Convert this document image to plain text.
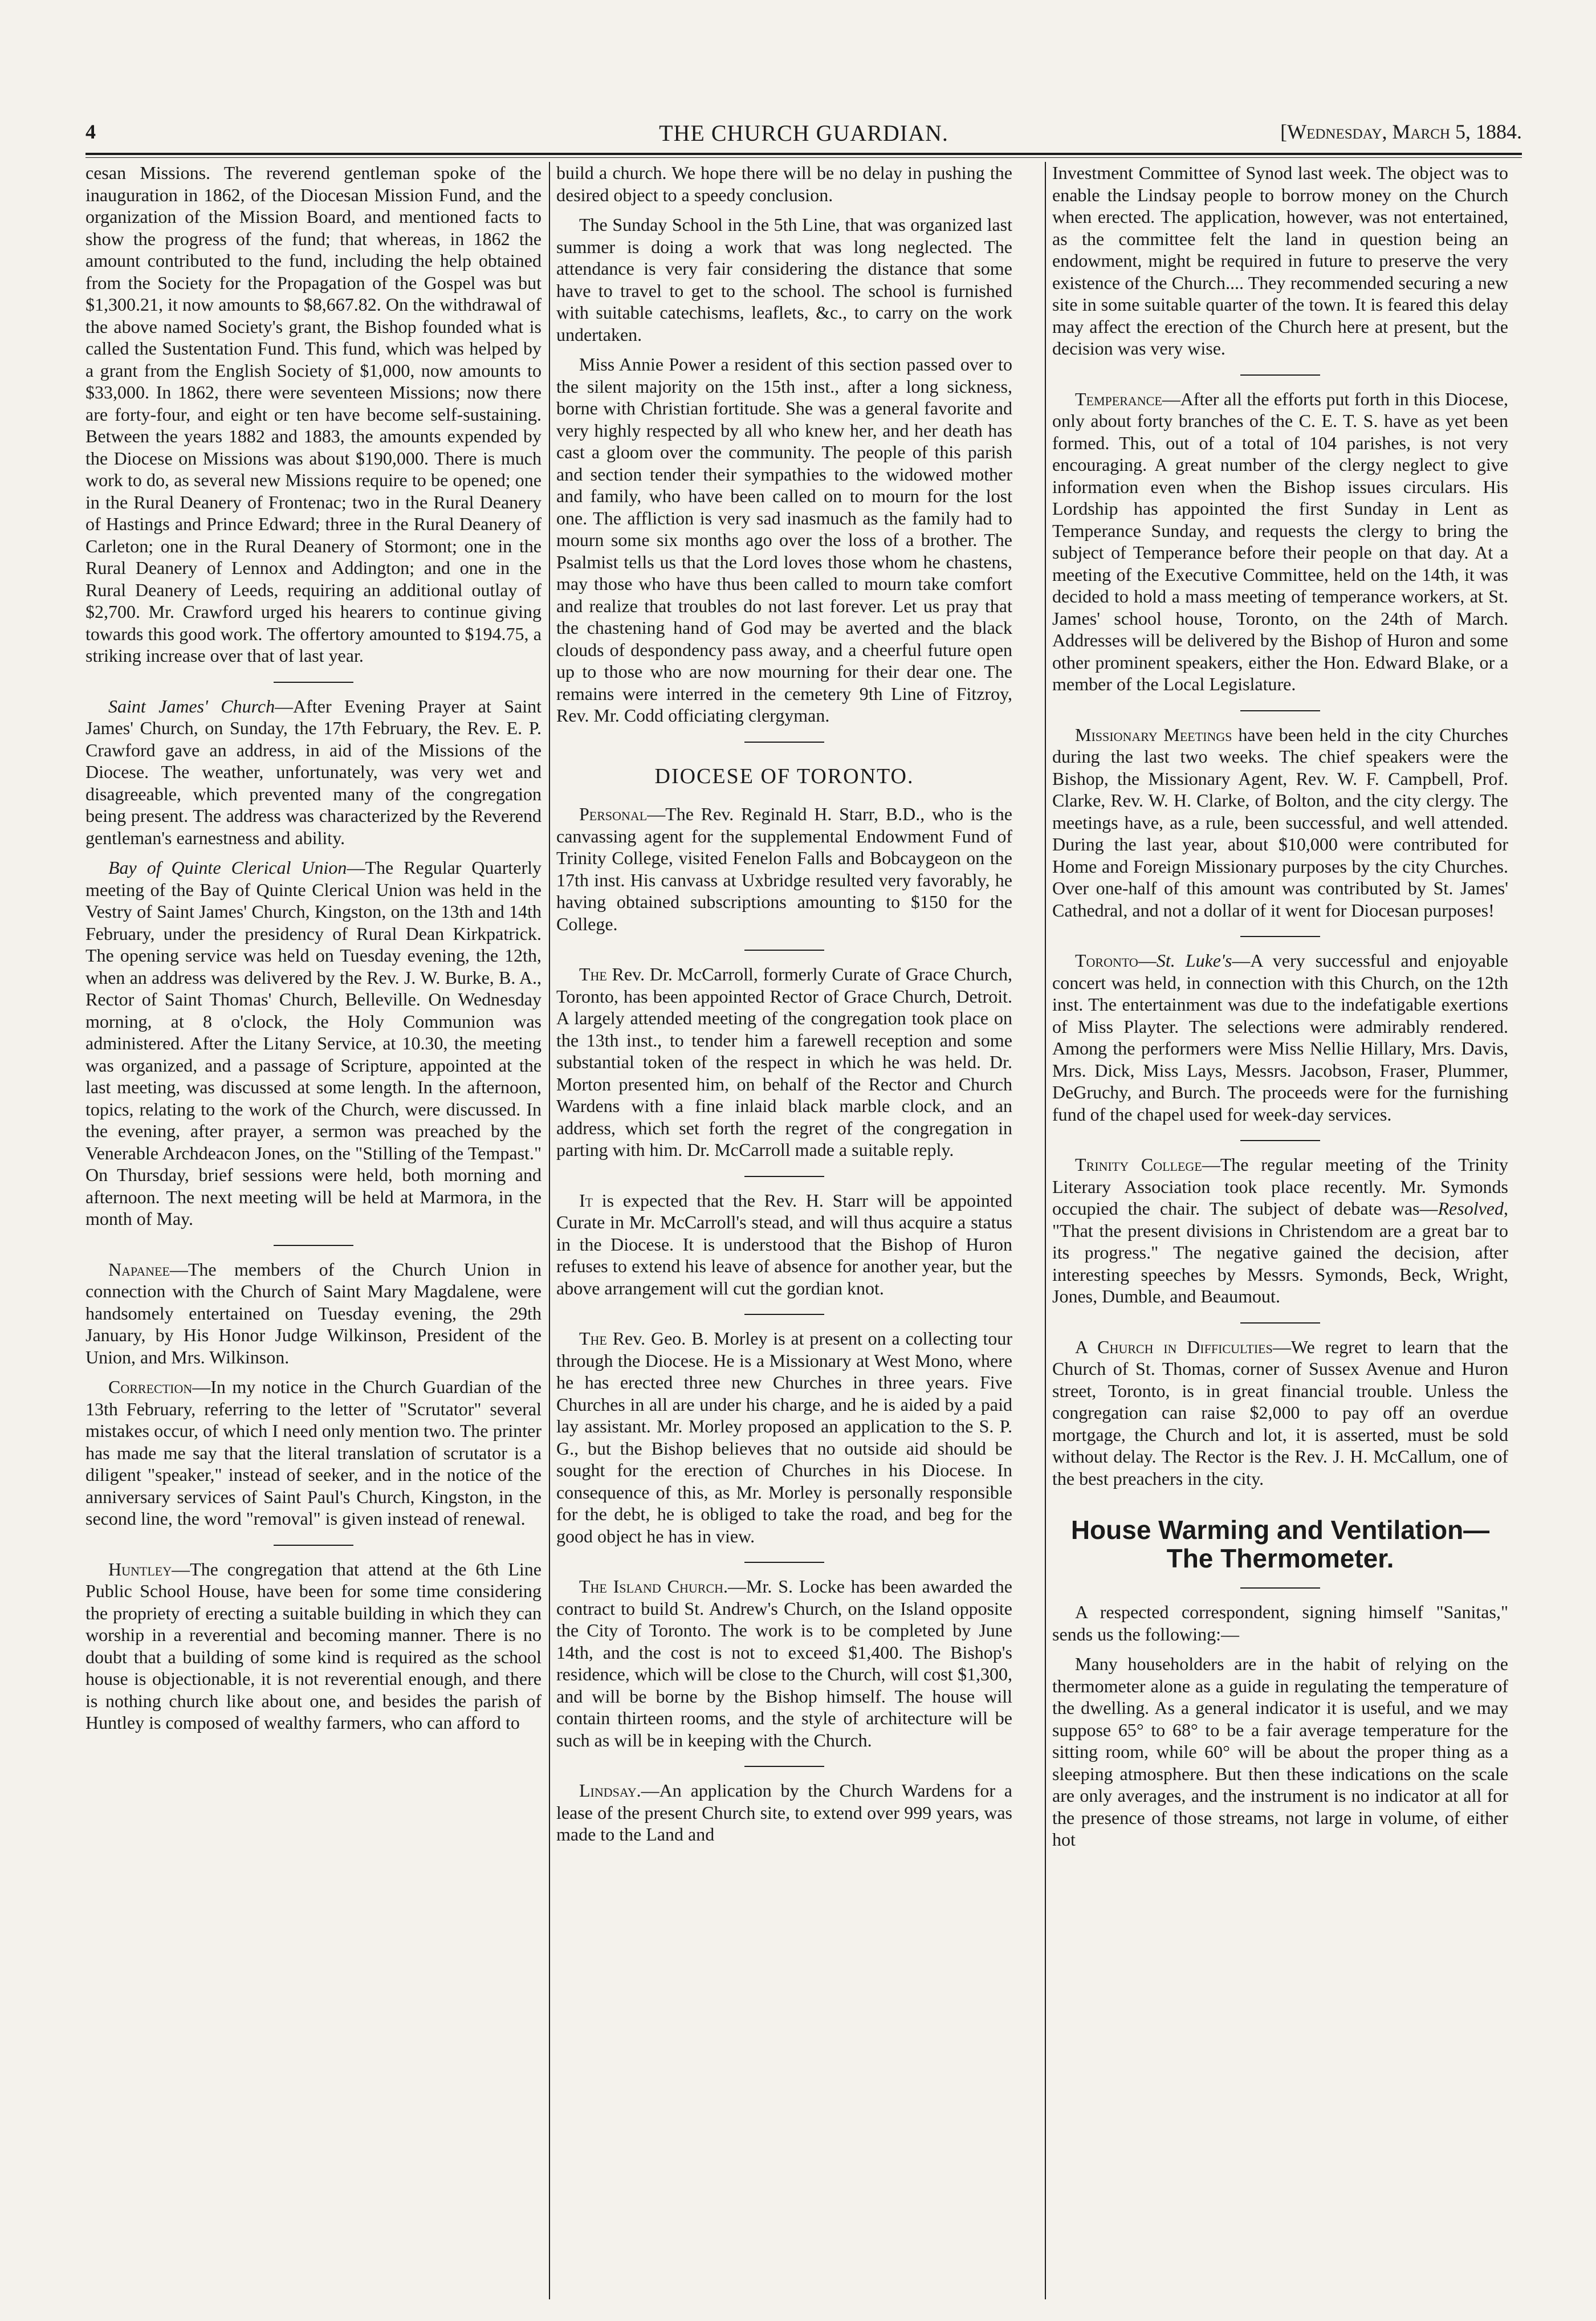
4	THE CHURCH GUARDIAN.	[Wednesday, March 5, 1884.

cesan Missions. The reverend gentleman spoke of the inauguration in 1862, of the Diocesan Mission Fund, and the organization of the Mission Board, and mentioned facts to show the progress of the fund; that whereas, in 1862 the amount contributed to the fund, including the help obtained from the Society for the Propagation of the Gospel was but $1,300.21, it now amounts to $8,667.82. On the withdrawal of the above named Society's grant, the Bishop founded what is called the Sustentation Fund. This fund, which was helped by a grant from the English Society of $1,000, now amounts to $33,000. In 1862, there were seventeen Missions; now there are forty-four, and eight or ten have become self-sustaining. Between the years 1882 and 1883, the amounts expended by the Diocese on Missions was about $190,000. There is much work to do, as several new Missions require to be opened; one in the Rural Deanery of Frontenac; two in the Rural Deanery of Hastings and Prince Edward; three in the Rural Deanery of Carleton; one in the Rural Deanery of Stormont; one in the Rural Deanery of Lennox and Addington; and one in the Rural Deanery of Leeds, requiring an additional outlay of $2,700. Mr. Crawford urged his hearers to continue giving towards this good work. The offertory amounted to $194.75, a striking increase over that of last year.

Saint James' Church—After Evening Prayer at Saint James' Church, on Sunday, the 17th February, the Rev. E. P. Crawford gave an address, in aid of the Missions of the Diocese. The weather, unfortunately, was very wet and disagreeable, which prevented many of the congregation being present. The address was characterized by the Reverend gentleman's earnestness and ability.

Bay of Quinte Clerical Union—The Regular Quarterly meeting of the Bay of Quinte Clerical Union was held in the Vestry of Saint James' Church, Kingston, on the 13th and 14th February, under the presidency of Rural Dean Kirkpatrick. The opening service was held on Tuesday evening, the 12th, when an address was delivered by the Rev. J. W. Burke, B. A., Rector of Saint Thomas' Church, Belleville. On Wednesday morning, at 8 o'clock, the Holy Communion was administered. After the Litany Service, at 10.30, the meeting was organized, and a passage of Scripture, appointed at the last meeting, was discussed at some length. In the afternoon, topics, relating to the work of the Church, were discussed. In the evening, after prayer, a sermon was preached by the Venerable Archdeacon Jones, on the "Stilling of the Tempast." On Thursday, brief sessions were held, both morning and afternoon. The next meeting will be held at Marmora, in the month of May.

Napanee—The members of the Church Union in connection with the Church of Saint Mary Magdalene, were handsomely entertained on Tuesday evening, the 29th January, by His Honor Judge Wilkinson, President of the Union, and Mrs. Wilkinson.

Correction—In my notice in the Church Guardian of the 13th February, referring to the letter of "Scrutator" several mistakes occur, of which I need only mention two. The printer has made me say that the literal translation of scrutator is a diligent "speaker," instead of seeker, and in the notice of the anniversary services of Saint Paul's Church, Kingston, in the second line, the word "removal" is given instead of renewal.

Huntley—The congregation that attend at the 6th Line Public School House, have been for some time considering the propriety of erecting a suitable building in which they can worship in a reverential and becoming manner. There is no doubt that a building of some kind is required as the school house is objectionable, it is not reverential enough, and there is nothing church like about one, and besides the parish of Huntley is composed of wealthy farmers, who can afford to

build a church. We hope there will be no delay in pushing the desired object to a speedy conclusion.

The Sunday School in the 5th Line, that was organized last summer is doing a work that was long neglected. The attendance is very fair considering the distance that some have to travel to get to the school. The school is furnished with suitable catechisms, leaflets, &c., to carry on the work undertaken.

Miss Annie Power a resident of this section passed over to the silent majority on the 15th inst., after a long sickness, borne with Christian fortitude. She was a general favorite and very highly respected by all who knew her, and her death has cast a gloom over the community. The people of this parish and section tender their sympathies to the widowed mother and family, who have been called on to mourn for the lost one. The affliction is very sad inasmuch as the family had to mourn some six months ago over the loss of a brother. The Psalmist tells us that the Lord loves those whom he chastens, may those who have thus been called to mourn take comfort and realize that troubles do not last forever. Let us pray that the chastening hand of God may be averted and the black clouds of despondency pass away, and a cheerful future open up to those who are now mourning for their dear one. The remains were interred in the cemetery 9th Line of Fitzroy, Rev. Mr. Codd officiating clergyman.

DIOCESE OF TORONTO.

Personal—The Rev. Reginald H. Starr, B.D., who is the canvassing agent for the supplemental Endowment Fund of Trinity College, visited Fenelon Falls and Bobcaygeon on the 17th inst. His canvass at Uxbridge resulted very favorably, he having obtained subscriptions amounting to $150 for the College.

The Rev. Dr. McCarroll, formerly Curate of Grace Church, Toronto, has been appointed Rector of Grace Church, Detroit. A largely attended meeting of the congregation took place on the 13th inst., to tender him a farewell reception and some substantial token of the respect in which he was held. Dr. Morton presented him, on behalf of the Rector and Church Wardens with a fine inlaid black marble clock, and an address, which set forth the regret of the congregation in parting with him. Dr. McCarroll made a suitable reply.

It is expected that the Rev. H. Starr will be appointed Curate in Mr. McCarroll's stead, and will thus acquire a status in the Diocese. It is understood that the Bishop of Huron refuses to extend his leave of absence for another year, but the above arrangement will cut the gordian knot.

The Rev. Geo. B. Morley is at present on a collecting tour through the Diocese. He is a Missionary at West Mono, where he has erected three new Churches in three years. Five Churches in all are under his charge, and he is aided by a paid lay assistant. Mr. Morley proposed an application to the S. P. G., but the Bishop believes that no outside aid should be sought for the erection of Churches in his Diocese. In consequence of this, as Mr. Morley is personally responsible for the debt, he is obliged to take the road, and beg for the good object he has in view.

The Island Church.—Mr. S. Locke has been awarded the contract to build St. Andrew's Church, on the Island opposite the City of Toronto. The work is to be completed by June 14th, and the cost is not to exceed $1,400. The Bishop's residence, which will be close to the Church, will cost $1,300, and will be borne by the Bishop himself. The house will contain thirteen rooms, and the style of architecture will be such as will be in keeping with the Church.

Lindsay.—An application by the Church Wardens for a lease of the present Church site, to extend over 999 years, was made to the Land and

Investment Committee of Synod last week. The object was to enable the Lindsay people to borrow money on the Church when erected. The application, however, was not entertained, as the committee felt the land in question being an endowment, might be required in future to preserve the very existence of the Church.... They recommended securing a new site in some suitable quarter of the town. It is feared this delay may affect the erection of the Church here at present, but the decision was very wise.

Temperance—After all the efforts put forth in this Diocese, only about forty branches of the C. E. T. S. have as yet been formed. This, out of a total of 104 parishes, is not very encouraging. A great number of the clergy neglect to give information even when the Bishop issues circulars. His Lordship has appointed the first Sunday in Lent as Temperance Sunday, and requests the clergy to bring the subject of Temperance before their people on that day. At a meeting of the Executive Committee, held on the 14th, it was decided to hold a mass meeting of temperance workers, at St. James' school house, Toronto, on the 24th of March. Addresses will be delivered by the Bishop of Huron and some other prominent speakers, either the Hon. Edward Blake, or a member of the Local Legislature.

Missionary Meetings have been held in the city Churches during the last two weeks. The chief speakers were the Bishop, the Missionary Agent, Rev. W. F. Campbell, Prof. Clarke, Rev. W. H. Clarke, of Bolton, and the city clergy. The meetings have, as a rule, been successful, and well attended. During the last year, about $10,000 were contributed for Home and Foreign Missionary purposes by the city Churches. Over one-half of this amount was contributed by St. James' Cathedral, and not a dollar of it went for Diocesan purposes!

Toronto—St. Luke's—A very successful and enjoyable concert was held, in connection with this Church, on the 12th inst. The entertainment was due to the indefatigable exertions of Miss Playter. The selections were admirably rendered. Among the performers were Miss Nellie Hillary, Mrs. Davis, Mrs. Dick, Miss Lays, Messrs. Jacobson, Fraser, Plummer, DeGruchy, and Burch. The proceeds were for the furnishing fund of the chapel used for week-day services.

Trinity College—The regular meeting of the Trinity Literary Association took place recently. Mr. Symonds occupied the chair. The subject of debate was—Resolved, "That the present divisions in Christendom are a great bar to its progress." The negative gained the decision, after interesting speeches by Messrs. Symonds, Beck, Wright, Jones, Dumble, and Beaumout.

A Church in Difficulties—We regret to learn that the Church of St. Thomas, corner of Sussex Avenue and Huron street, Toronto, is in great financial trouble. Unless the congregation can raise $2,000 to pay off an overdue mortgage, the Church and lot, it is asserted, must be sold without delay. The Rector is the Rev. J. H. McCallum, one of the best preachers in the city.

House Warming and Ventilation—The Thermometer.

A respected correspondent, signing himself "Sanitas," sends us the following:—

Many householders are in the habit of relying on the thermometer alone as a guide in regulating the temperature of the dwelling. As a general indicator it is useful, and we may suppose 65° to 68° to be a fair average temperature for the sitting room, while 60° will be about the proper thing as a sleeping atmosphere. But then these indications on the scale are only averages, and the instrument is no indicator at all for the presence of those streams, not large in volume, of either hot
